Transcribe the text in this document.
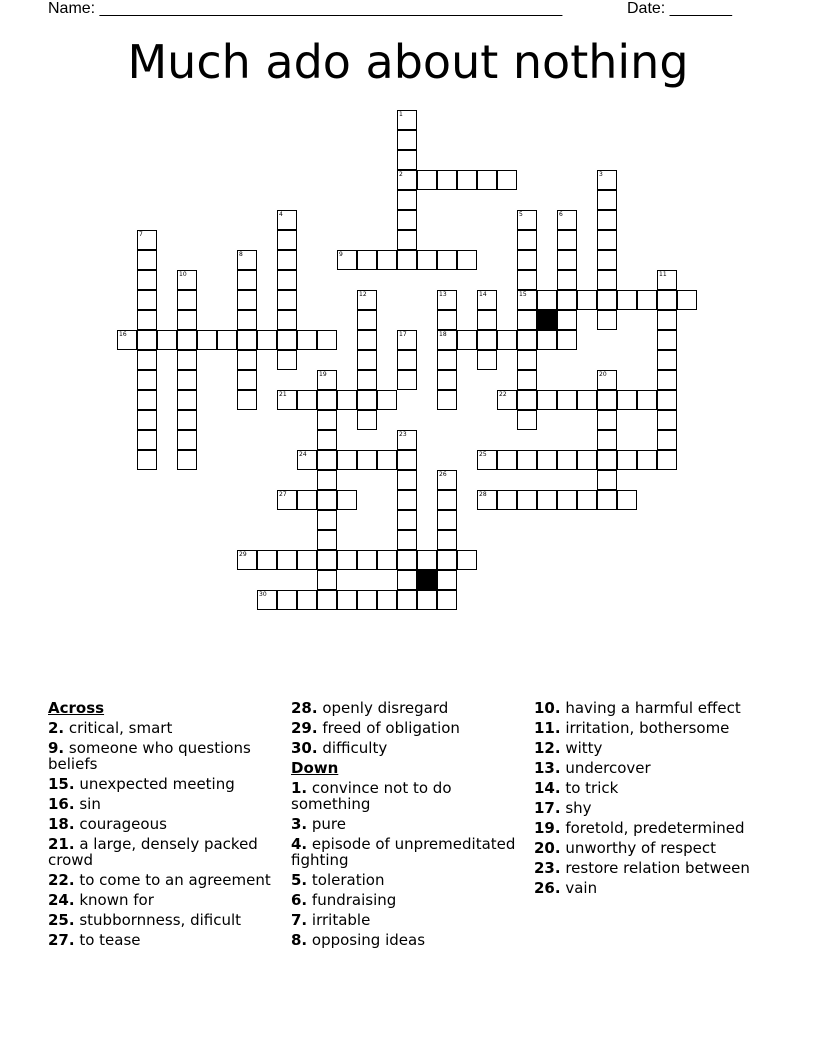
Name: ____________________________________________________	Date: _______
Much ado about nothing
1
2	3
4	5
15
6
7
8	9
10	11
12	13
18
14
16	17
19	20
21	22
23
24	25
26
27	28
29
30
Across
2. critical, smart
9. someone who questions beliefs
15. unexpected meeting
16. sin
18. courageous
21. a large, densely packed crowd
22. to come to an agreement
24. known for
25. stubbornness, dificult
27. to tease
28. openly disregard
29. freed of obligation
30. difficulty
Down
1. convince not to do something
3. pure
4. episode of unpremeditated fighting
5. toleration
6. fundraising
7. irritable
8. opposing ideas
10. having a harmful effect
11. irritation, bothersome
12. witty
13. undercover
14. to trick
17. shy
19. foretold, predetermined
20. unworthy of respect
23. restore relation between
26. vain
